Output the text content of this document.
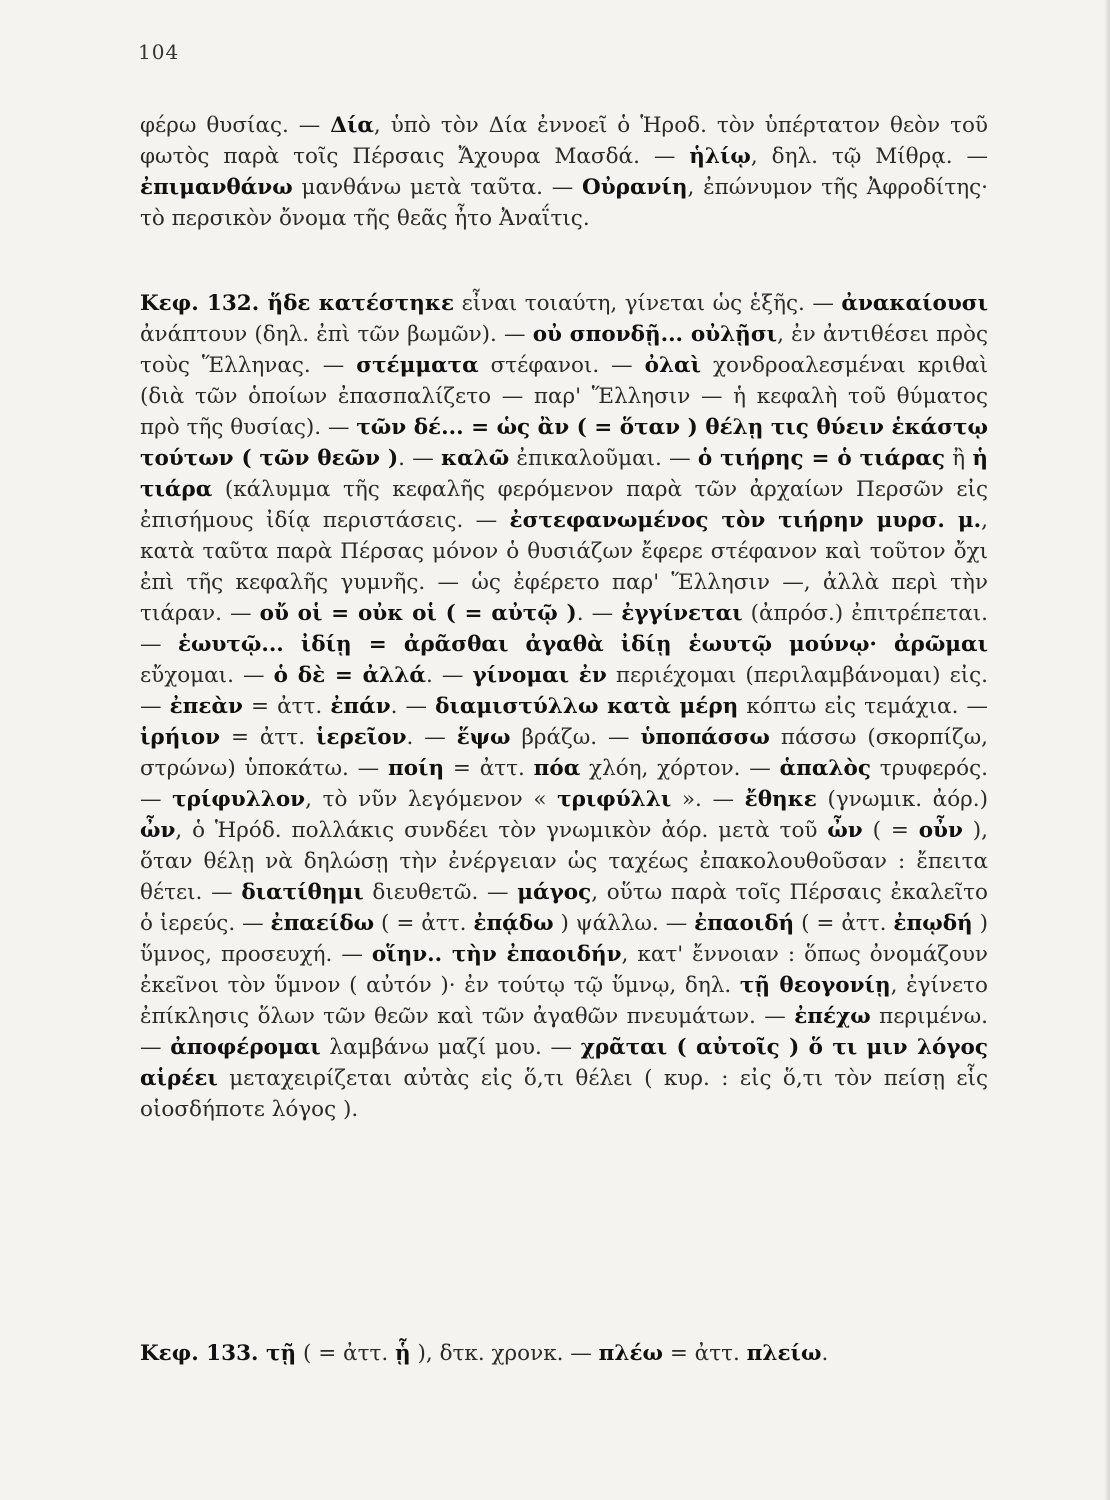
104

φέρω θυσίας. — Δία, ὑπὸ τὸν Δία ἐννοεῖ ὁ Ἡροδ. τὸν ὑπέρτατον θεὸν τοῦ φωτὸς παρὰ τοῖς Πέρσαις Ἄχουρα Μασδά. — ἡλίῳ, δηλ. τῷ Μίθρᾳ. — ἐπιμανθάνω μανθάνω μετὰ ταῦτα. — Οὐρανίη, ἐπώνυμον τῆς Ἀφροδίτης· τὸ περσικὸν ὄνομα τῆς θεᾶς ἦτο Ἀναΐτις.

Κεφ. 132. ἥδε κατέστηκε εἶναι τοιαύτη, γίνεται ὡς ἑξῆς. — ἀνακαίουσι ἀνάπτουν (δηλ. ἐπὶ τῶν βωμῶν). — οὐ σπονδῇ... οὐλῇσι, ἐν ἀντιθέσει πρὸς τοὺς Ἕλληνας. — στέμματα στέφανοι. — ὀλαὶ χονδροαλεσμέναι κριθαὶ (διὰ τῶν ὁποίων ἐπασπαλίζετο — παρ' Ἕλλησιν — ἡ κεφαλὴ τοῦ θύματος πρὸ τῆς θυσίας). — τῶν δέ... = ὡς ἂν ( = ὅταν ) θέλῃ τις θύειν ἑκάστῳ τούτων ( τῶν θεῶν ). — καλῶ ἐπικαλοῦμαι. — ὁ τιήρης = ὁ τιάρας ἢ ἡ τιάρα (κάλυμμα τῆς κεφαλῆς φερόμενον παρὰ τῶν ἀρχαίων Περσῶν εἰς ἐπισήμους ἰδίᾳ περιστάσεις. — ἐστεφανωμένος τὸν τιήρην μυρσ. μ., κατὰ ταῦτα παρὰ Πέρσας μόνον ὁ θυσιάζων ἔφερε στέφανον καὶ τοῦτον ὄχι ἐπὶ τῆς κεφαλῆς γυμνῆς. — ὡς ἐφέρετο παρ' Ἕλλησιν —, ἀλλὰ περὶ τὴν τιάραν. — οὔ οἱ = οὐκ οἱ ( = αὐτῷ ). — ἐγγίνεται (ἀπρόσ.) ἐπιτρέπεται. — ἑωυτῷ... ἰδίῃ = ἀρᾶσθαι ἀγαθὰ ἰδίῃ ἑωυτῷ μούνῳ· ἀρῶμαι εὔχομαι. — ὁ δὲ = ἀλλά. — γίνομαι ἐν περιέχομαι (περιλαμβάνομαι) εἰς. — ἐπεὰν = ἀττ. ἐπάν. — διαμιστύλλω κατὰ μέρη κόπτω εἰς τεμάχια. — ἱρήιον = ἀττ. ἱερεῖον. — ἕψω βράζω. — ὑποπάσσω πάσσω (σκορπίζω, στρώνω) ὑποκάτω. — ποίη = ἀττ. πόα χλόη, χόρτον. — ἁπαλὸς τρυφερός. — τρίφυλλον, τὸ νῦν λεγόμενον « τριφύλλι ». — ἔθηκε (γνωμικ. ἀόρ.) ὦν, ὁ Ἡρόδ. πολλάκις συνδέει τὸν γνωμικὸν ἀόρ. μετὰ τοῦ ὦν ( = οὖν ), ὅταν θέλῃ νὰ δηλώσῃ τὴν ἐνέργειαν ὡς ταχέως ἐπακολουθοῦσαν : ἔπειτα θέτει. — διατίθημι διευθετῶ. — μάγος, οὕτω παρὰ τοῖς Πέρσαις ἐκαλεῖτο ὁ ἱερεύς. — ἐπαείδω ( = ἀττ. ἐπᾴδω ) ψάλλω. — ἐπαοιδή ( = ἀττ. ἐπῳδή ) ὕμνος, προσευχή. — οἵην.. τὴν ἐπαοιδήν, κατ' ἔννοιαν : ὅπως ὀνομάζουν ἐκεῖνοι τὸν ὕμνον ( αὐτόν )· ἐν τούτῳ τῷ ὕμνῳ, δηλ. τῇ θεογονίῃ, ἐγίνετο ἐπίκλησις ὅλων τῶν θεῶν καὶ τῶν ἀγαθῶν πνευμάτων. — ἐπέχω περιμένω. — ἀποφέρομαι λαμβάνω μαζί μου. — χρᾶται ( αὐτοῖς ) ὅ τι μιν λόγος αἱρέει μεταχειρίζεται αὐτὰς εἰς ὅ,τι θέλει ( κυρ. : εἰς ὅ,τι τὸν πείσῃ εἷς οἱοσδήποτε λόγος ).

Κεφ. 133. τῇ ( = ἀττ. ᾗ ), δτκ. χρονκ. — πλέω = ἀττ. πλείω.
